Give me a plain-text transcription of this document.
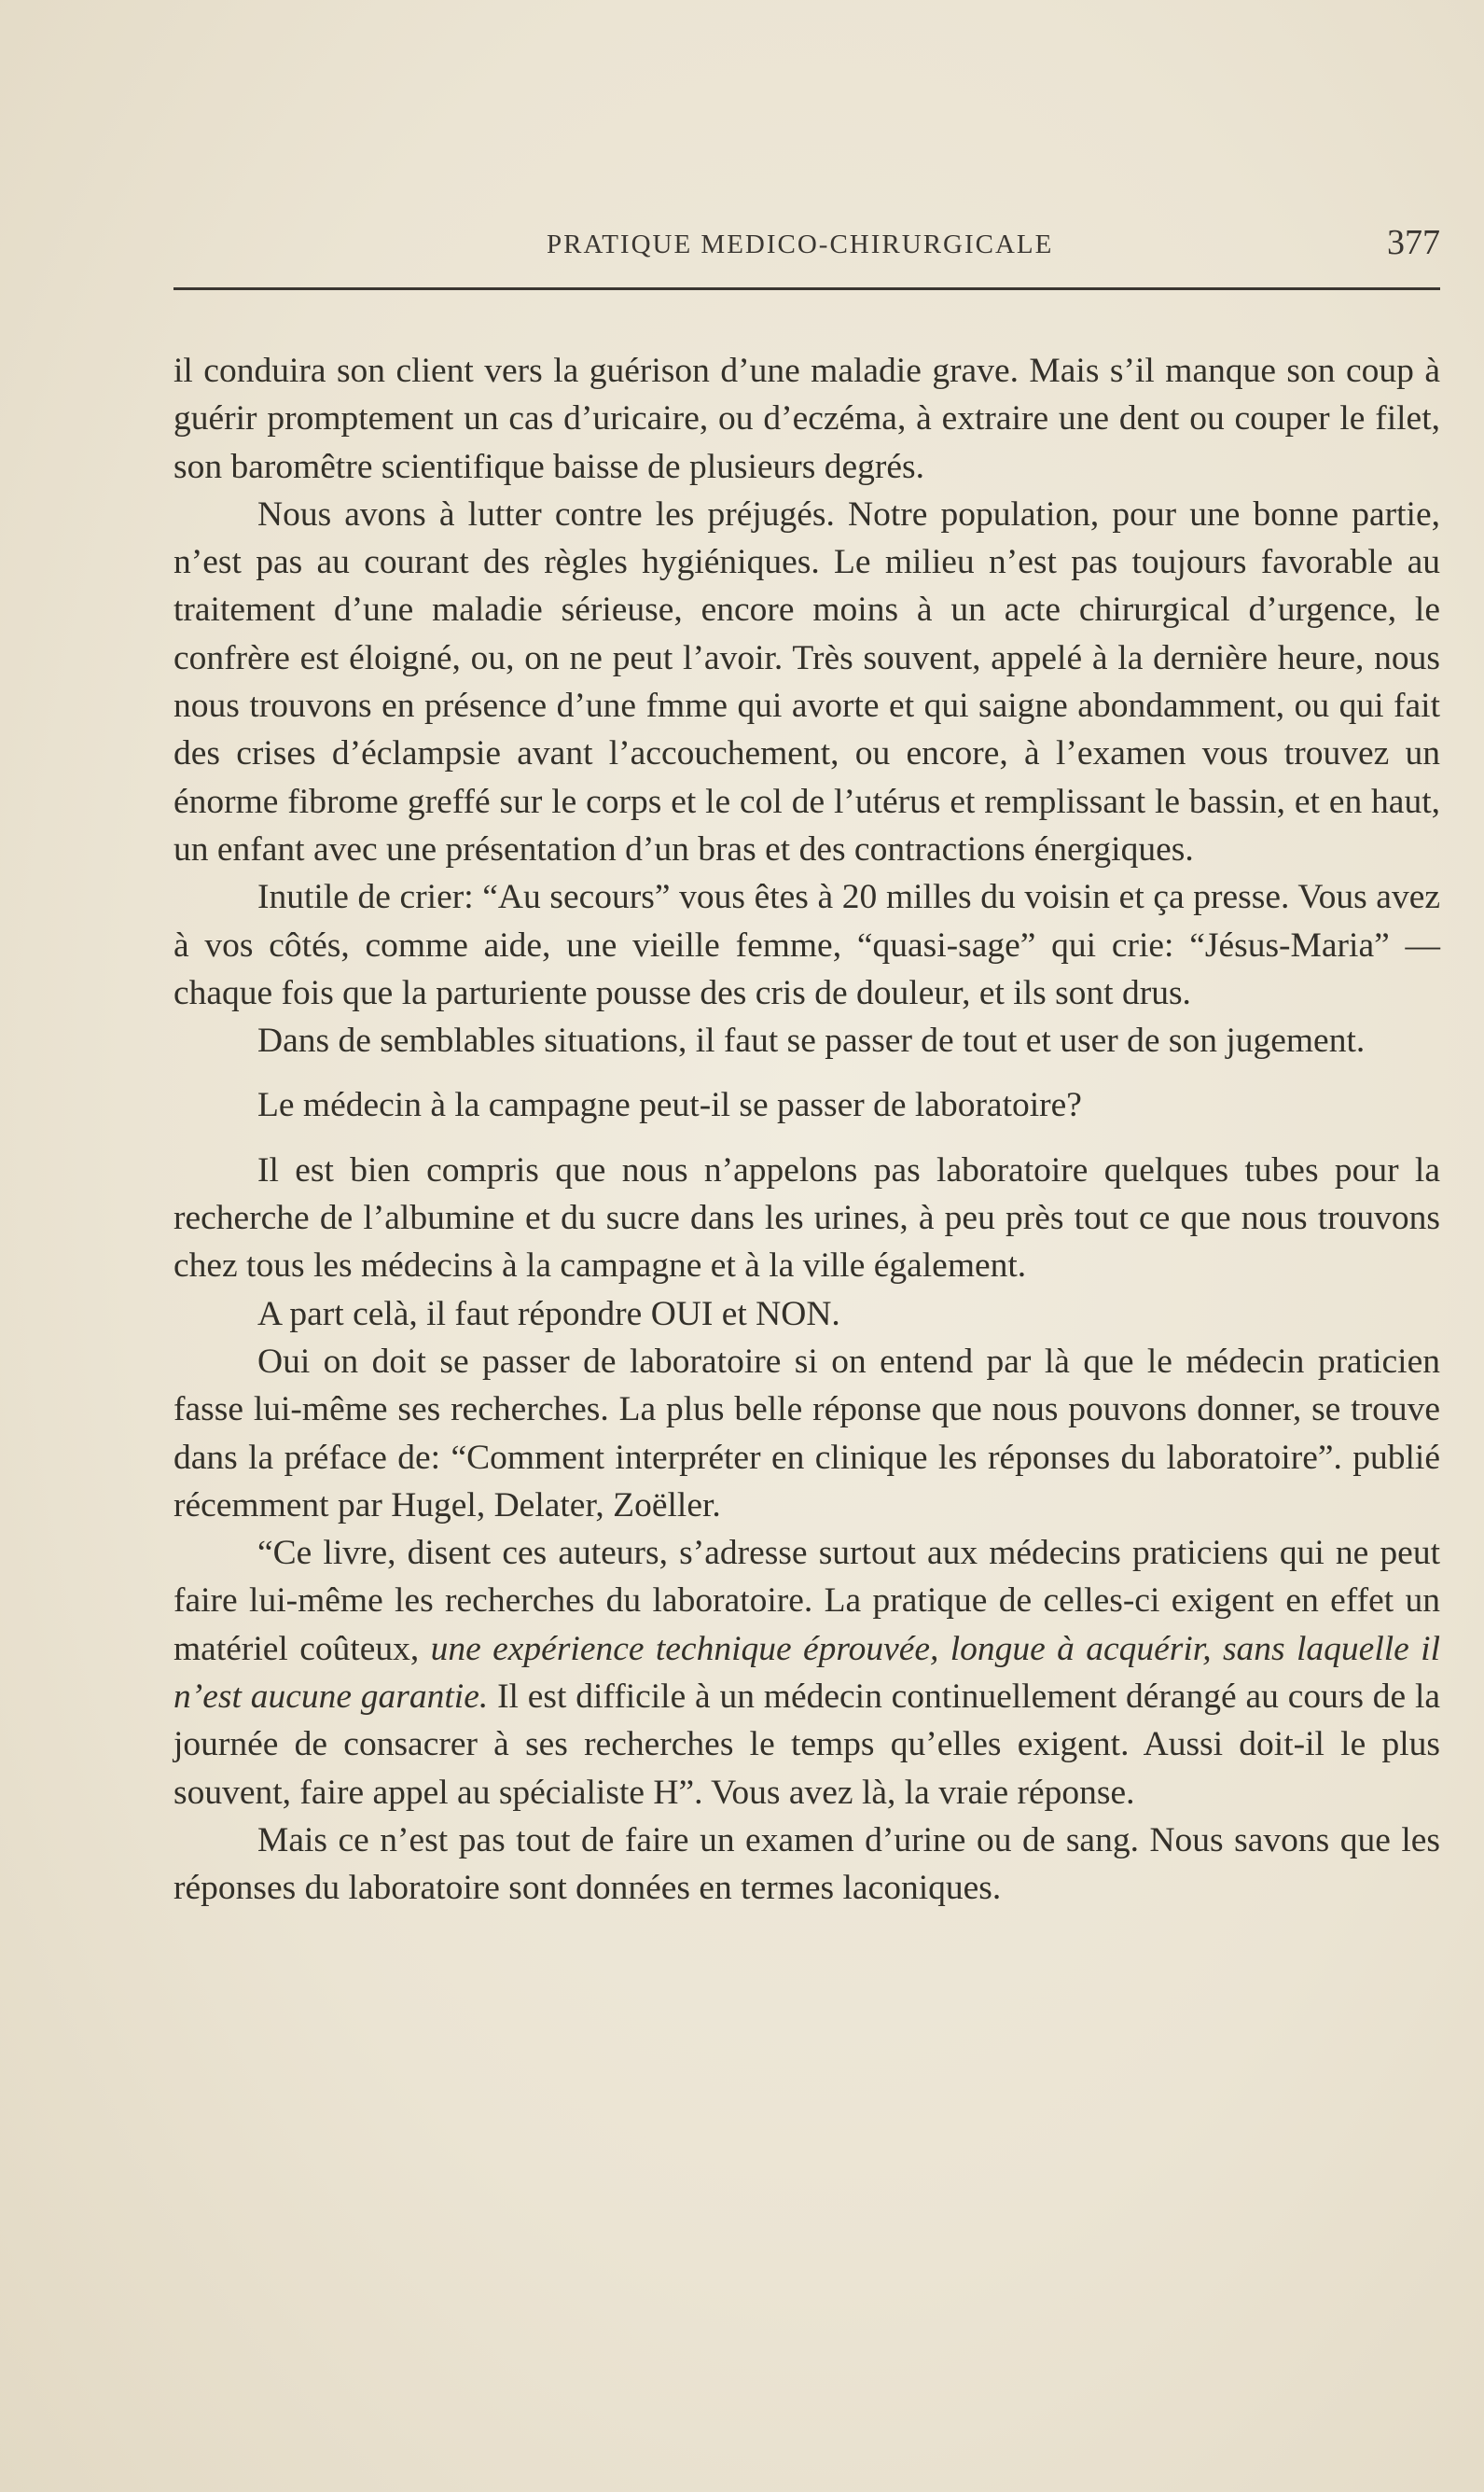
PRATIQUE MEDICO-CHIRURGICALE	377

il conduira son client vers la guérison d’une maladie grave. Mais s’il manque son coup à guérir promptement un cas d’uricaire, ou d’eczéma, à extraire une dent ou couper le filet, son baromêtre scientifique baisse de plusieurs degrés.

Nous avons à lutter contre les préjugés. Notre population, pour une bonne partie, n’est pas au courant des règles hygiéniques. Le milieu n’est pas toujours favorable au traitement d’une maladie sérieuse, encore moins à un acte chirurgical d’urgence, le confrère est éloigné, ou, on ne peut l’avoir. Très souvent, appelé à la dernière heure, nous nous trouvons en présence d’une fmme qui avorte et qui saigne abondamment, ou qui fait des crises d’éclampsie avant l’accouchement, ou encore, à l’examen vous trouvez un énorme fibrome greffé sur le corps et le col de l’utérus et remplissant le bassin, et en haut, un enfant avec une présentation d’un bras et des contractions énergiques.

Inutile de crier: “Au secours” vous êtes à 20 milles du voisin et ça presse. Vous avez à vos côtés, comme aide, une vieille femme, “quasi-sage” qui crie: “Jésus-Maria” — chaque fois que la parturiente pousse des cris de douleur, et ils sont drus.

Dans de semblables situations, il faut se passer de tout et user de son jugement.

Le médecin à la campagne peut-il se passer de laboratoire?

Il est bien compris que nous n’appelons pas laboratoire quelques tubes pour la recherche de l’albumine et du sucre dans les urines, à peu près tout ce que nous trouvons chez tous les médecins à la campagne et à la ville également.

A part celà, il faut répondre OUI et NON.

Oui on doit se passer de laboratoire si on entend par là que le médecin praticien fasse lui-même ses recherches. La plus belle réponse que nous pouvons donner, se trouve dans la préface de: “Comment interpréter en clinique les réponses du laboratoire”. publié récemment par Hugel, Delater, Zoëller.

“Ce livre, disent ces auteurs, s’adresse surtout aux médecins praticiens qui ne peut faire lui-même les recherches du laboratoire. La pratique de celles-ci exigent en effet un matériel coûteux, une expérience technique éprouvée, longue à acquérir, sans laquelle il n’est aucune garantie. Il est difficile à un médecin continuellement dérangé au cours de la journée de consacrer à ses recherches le temps qu’elles exigent. Aussi doit-il le plus souvent, faire appel au spécialiste H”. Vous avez là, la vraie réponse.

Mais ce n’est pas tout de faire un examen d’urine ou de sang. Nous savons que les réponses du laboratoire sont données en termes laconiques.
